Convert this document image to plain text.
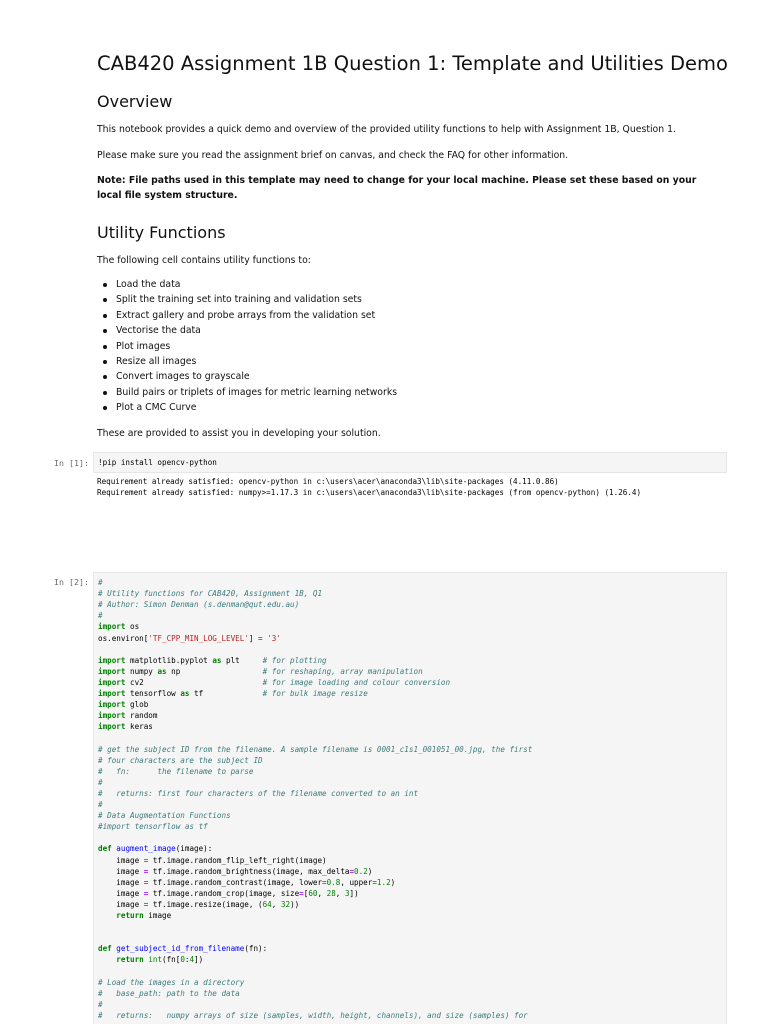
CAB420 Assignment 1B Question 1: Template and Utilities Demo
Overview

This notebook provides a quick demo and overview of the provided utility functions to help with Assignment 1B, Question 1.

Please make sure you read the assignment brief on canvas, and check the FAQ for other information.

Note: File paths used in this template may need to change for your local machine. Please set these based on your local file system structure.

Utility Functions

The following cell contains utility functions to:

Load the data
Split the training set into training and validation sets
Extract gallery and probe arrays from the validation set
Vectorise the data
Plot images
Resize all images
Convert images to grayscale
Build pairs or triplets of images for metric learning networks
Plot a CMC Curve

These are provided to assist you in developing your solution.

In [1]: !pip install opencv-python
Requirement already satisfied: opencv-python in c:\users\acer\anaconda3\lib\site-packages (4.11.0.86)
Requirement already satisfied: numpy>=1.17.3 in c:\users\acer\anaconda3\lib\site-packages (from opencv-python) (1.26.4)
In [2]: #
# Utility functions for CAB420, Assignment 1B, Q1
# Author: Simon Denman (s.denman@qut.edu.au)
#
import os
os.environ['TF_CPP_MIN_LOG_LEVEL'] = '3'
import matplotlib.pyplot as plt     # for plotting
import numpy as np                  # for reshaping, array manipulation
import cv2                          # for image loading and colour conversion
import tensorflow as tf             # for bulk image resize
import glob
import random
import keras
# get the subject ID from the filename. A sample filename is 0001_c1s1_001051_00.jpg, the first
# four characters are the subject ID
#   fn:      the filename to parse
#
#   returns: first four characters of the filename converted to an int
#
# Data Augmentation Functions
#import tensorflow as tf
def augment_image(image):
image = tf.image.random_flip_left_right(image)
image = tf.image.random_brightness(image, max_delta=0.2)
image = tf.image.random_contrast(image, lower=0.8, upper=1.2)
image = tf.image.random_crop(image, size=[60, 28, 3])
image = tf.image.resize(image, (64, 32))
return image
def get_subject_id_from_filename(fn):
return int(fn[0:4])
# Load the images in a directory
#   base_path: path to the data
#
#   returns:   numpy arrays of size (samples, width, height, channels), and size (samples) for
